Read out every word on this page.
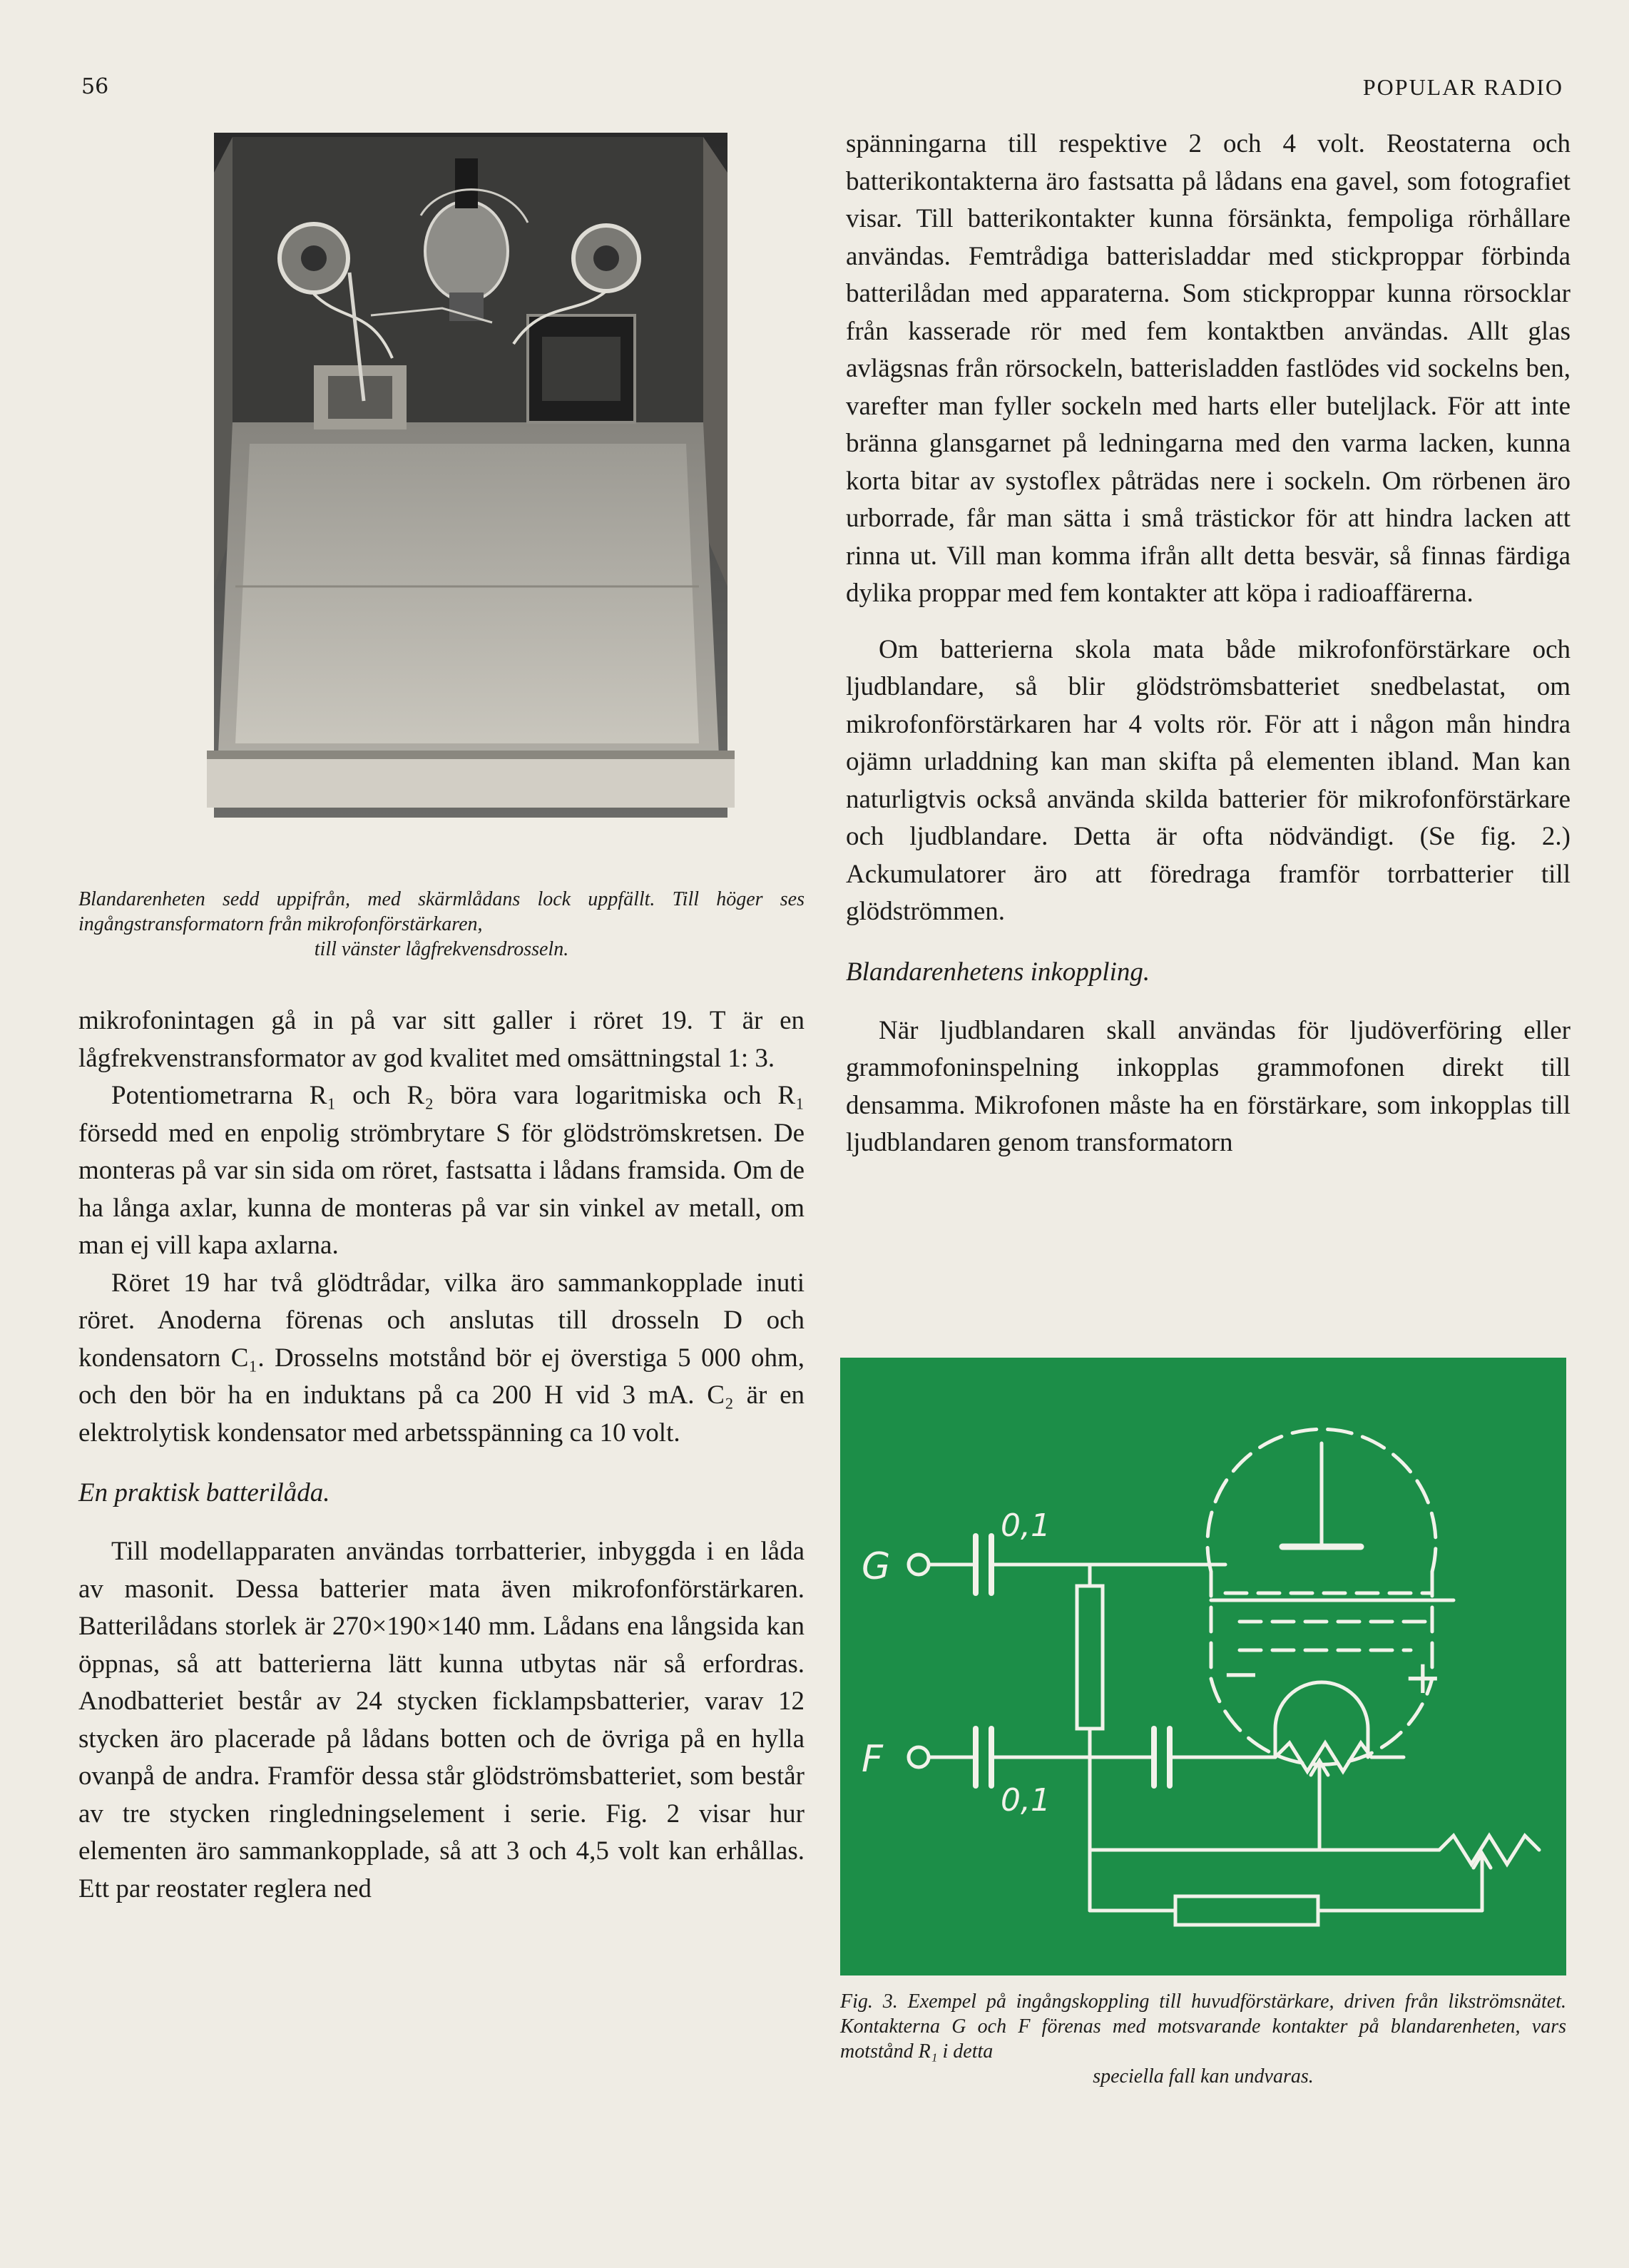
56	POPULAR RADIO
Blandarenheten sedd uppifrån, med skärmlådans lock uppfällt. Till höger ses ingångstransformatorn från mikrofonförstärkaren,
till vänster lågfrekvensdrosseln.

mikrofonintagen gå in på var sitt galler i röret 19. T är en lågfrekvenstransformator av god kvalitet med omsättningstal 1: 3.

Potentiometrarna R₁ och R₂ böra vara logaritmiska och R₁ försedd med en enpolig strömbrytare S för glödströmskretsen. De monteras på var sin sida om röret, fastsatta i lådans framsida. Om de ha långa axlar, kunna de monteras på var sin vinkel av metall, om man ej vill kapa axlarna.

Röret 19 har två glödtrådar, vilka äro sammankopplade inuti röret. Anoderna förenas och anslutas till drosseln D och kondensatorn C₁. Drosselns motstånd bör ej överstiga 5 000 ohm, och den bör ha en induktans på ca 200 H vid 3 mA. C₂ är en elektrolytisk kondensator med arbetsspänning ca 10 volt.

En praktisk batterilåda.

Till modellapparaten användas torrbatterier, inbyggda i en låda av masonit. Dessa batterier mata även mikrofonförstärkaren. Batterilådans storlek är 270×190×140 mm. Lådans ena långsida kan öppnas, så att batterierna lätt kunna utbytas när så erfordras. Anodbatteriet består av 24 stycken ficklampsbatterier, varav 12 stycken äro placerade på lådans botten och de övriga på en hylla ovanpå de andra. Framför dessa står glödströmsbatteriet, som består av tre stycken ringledningselement i serie. Fig. 2 visar hur elementen äro sammankopplade, så att 3 och 4,5 volt kan erhållas. Ett par reostater reglera ned

spänningarna till respektive 2 och 4 volt. Reostaterna och batterikontakterna äro fastsatta på lådans ena gavel, som fotografiet visar. Till batterikontakter kunna försänkta, fempoliga rörhållare användas. Femtrådiga batterisladdar med stickproppar förbinda batterilådan med apparaterna. Som stickproppar kunna rörsocklar från kasserade rör med fem kontaktben användas. Allt glas avlägsnas från rörsockeln, batterisladden fastlödes vid sockelns ben, varefter man fyller sockeln med harts eller buteljlack. För att inte bränna glansgarnet på ledningarna med den varma lacken, kunna korta bitar av systoflex påträdas nere i sockeln. Om rörbenen äro urborrade, får man sätta i små trästickor för att hindra lacken att rinna ut. Vill man komma ifrån allt detta besvär, så finnas färdiga dylika proppar med fem kontakter att köpa i radioaffärerna.

Om batterierna skola mata både mikrofonförstärkare och ljudblandare, så blir glödströmsbatteriet snedbelastat, om mikrofonförstärkaren har 4 volts rör. För att i någon mån hindra ojämn urladdning kan man skifta på elementen ibland. Man kan naturligtvis också använda skilda batterier för mikrofonförstärkare och ljudblandare. Detta är ofta nödvändigt. (Se fig. 2.) Ackumulatorer äro att föredraga framför torrbatterier till glödströmmen.

Blandarenhetens inkoppling.

När ljudblandaren skall användas för ljudöverföring eller grammofoninspelning inkopplas grammofonen direkt till densamma. Mikrofonen måste ha en förstärkare, som inkopplas till ljudblandaren genom transformatorn

G
F
0,1
0,1
+
−
Fig. 3. Exempel på ingångskoppling till huvudförstärkare, driven från likströmsnätet. Kontakterna G och F förenas med motsvarande kontakter på blandarenheten, vars motstånd R₁ i detta
speciella fall kan undvaras.
